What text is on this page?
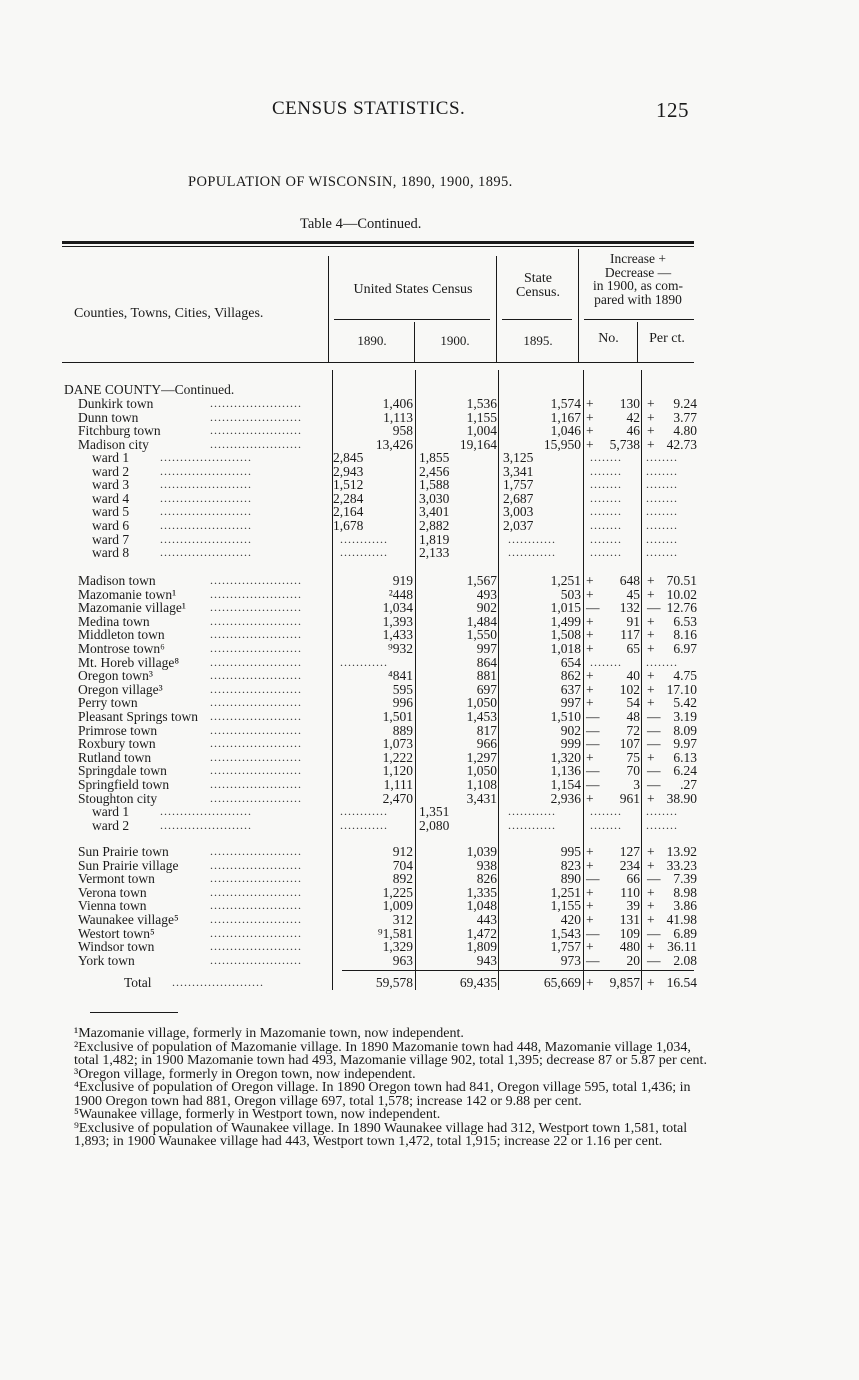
CENSUS STATISTICS.	125
POPULATION OF WISCONSIN, 1890, 1900, 1895.
Table 4—Continued.
Counties, Towns, Cities, Villages.
United States Census
State
Census.
Increase +
Decrease —
in 1900, as com-
pared with 1890
1890.	1900.	1895.	No.	Per ct.
DANE COUNTY—Continued.
Dunkirk town	.......................	1,406	1,536	1,574 + 130 + 9.24
Dunn town	.......................	1,113	1,155	1,167 + 42 + 3.77
Fitchburg town	.......................	958	1,004	1,046 + 46 + 4.80
Madison city	.......................	13,426	19,164	15,950 + 5,738 + 42.73
ward 1	.......................	2,845	1,855	3,125	........ ........
ward 2	.......................	2,943	2,456	3,341	........ ........
ward 3	.......................	1,512	1,588	1,757	........ ........
ward 4	.......................	2,284	3,030	2,687	........ ........
ward 5	.......................	2,164	3,401	3,003	........ ........
ward 6	.......................	1,678	2,882	2,037	........ ........
ward 7	.......................	............ 1,819	............	........ ........
ward 8	.......................	............ 2,133	............	........ ........
Madison town	.......................	919	1,567	1,251 + 648 + 70.51
Mazomanie town¹	.......................	²448	493	503 + 45 + 10.02
Mazomanie village¹ .......................	1,034	902	1,015 — 132 — 12.76
Medina town	.......................	1,393	1,484	1,499 + 91 + 6.53
Middleton town	.......................	1,433	1,550	1,508 + 117 + 8.16
Montrose town⁶	.......................	⁹932	997	1,018 + 65 + 6.97
Mt. Horeb village⁸	.......................	............	864	654 ........ ........
Oregon town³	.......................	⁴841	881	862 + 40 + 4.75
Oregon village³	.......................	595	697	637 + 102 + 17.10
Perry town	.......................	996	1,050	997 + 54 + 5.42
Pleasant Springs town .......................	1,501	1,453	1,510 — 48 — 3.19
Primrose town	.......................	889	817	902 — 72 — 8.09
Roxbury town	.......................	1,073	966	999 — 107 — 9.97
Rutland town	.......................	1,222	1,297	1,320 + 75 + 6.13
Springdale town	.......................	1,120	1,050	1,136 — 70 — 6.24
Springfield town	.......................	1,111	1,108	1,154 —	3 — .27
Stoughton city	.......................	2,470	3,431	2,936 + 961 + 38.90
ward 1	.......................	............ 1,351	............	........ ........
ward 2	.......................	............ 2,080	............	........ ........
Sun Prairie town	.......................	912	1,039	995 + 127 + 13.92
Sun Prairie village	.......................	704	938	823 + 234 + 33.23
Vermont town	.......................	892	826	890 — 66 — 7.39
Verona town	.......................	1,225	1,335	1,251 + 110 + 8.98
Vienna town	.......................	1,009	1,048	1,155 + 39 + 3.86
Waunakee village⁵	.......................	312	443	420 + 131 + 41.98
Westort town⁵	.......................	⁹1,581	1,472	1,543 — 109 — 6.89
Windsor town	.......................	1,329	1,809	1,757 + 480 + 36.11
York town	.......................	963	943	973 — 20 — 2.08
Total .......................	59,578	69,435	65,669 + 9,857 + 16.54

¹Mazomanie village, formerly in Mazomanie town, now independent.

²Exclusive of population of Mazomanie village. In 1890 Mazomanie town had 448, Mazomanie village 1,034, total 1,482; in 1900 Mazomanie town had 493, Mazomanie village 902, total 1,395; decrease 87 or 5.87 per cent.

³Oregon village, formerly in Oregon town, now independent.

⁴Exclusive of population of Oregon village. In 1890 Oregon town had 841, Oregon village 595, total 1,436; in 1900 Oregon town had 881, Oregon village 697, total 1,578; increase 142 or 9.88 per cent.

⁵Waunakee village, formerly in Westport town, now independent.

⁹Exclusive of population of Waunakee village. In 1890 Waunakee village had 312, Westport town 1,581, total 1,893; in 1900 Waunakee village had 443, Westport town 1,472, total 1,915; increase 22 or 1.16 per cent.
